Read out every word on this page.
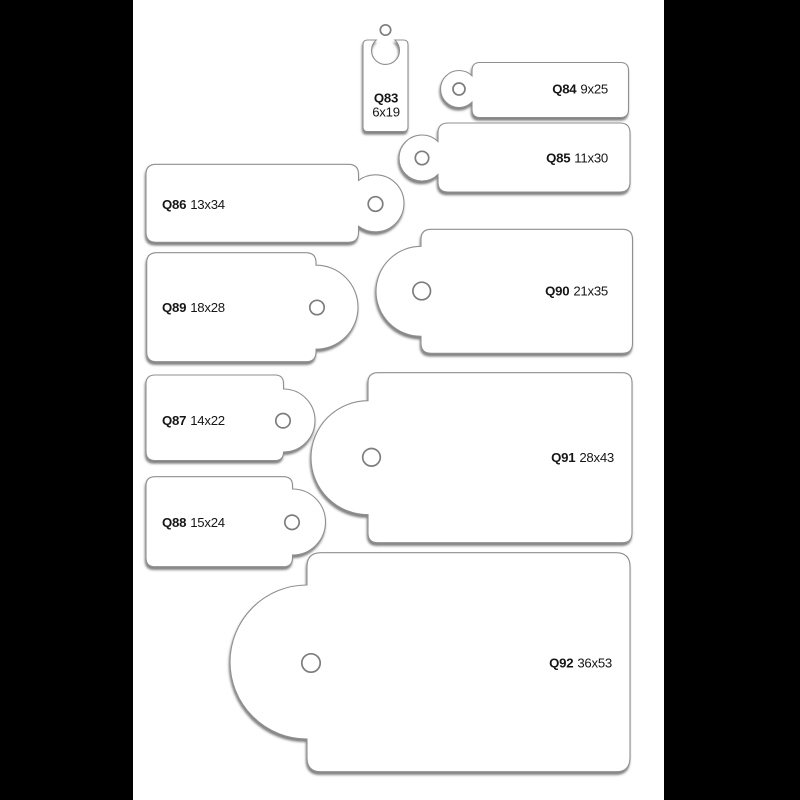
Q92 36x53
Q91 28x43
Q90 21x35
Q85 11x30
Q84 9x25
Q83
6x19
Q86 13x34
Q89 18x28
Q87 14x22
Q88 15x24
